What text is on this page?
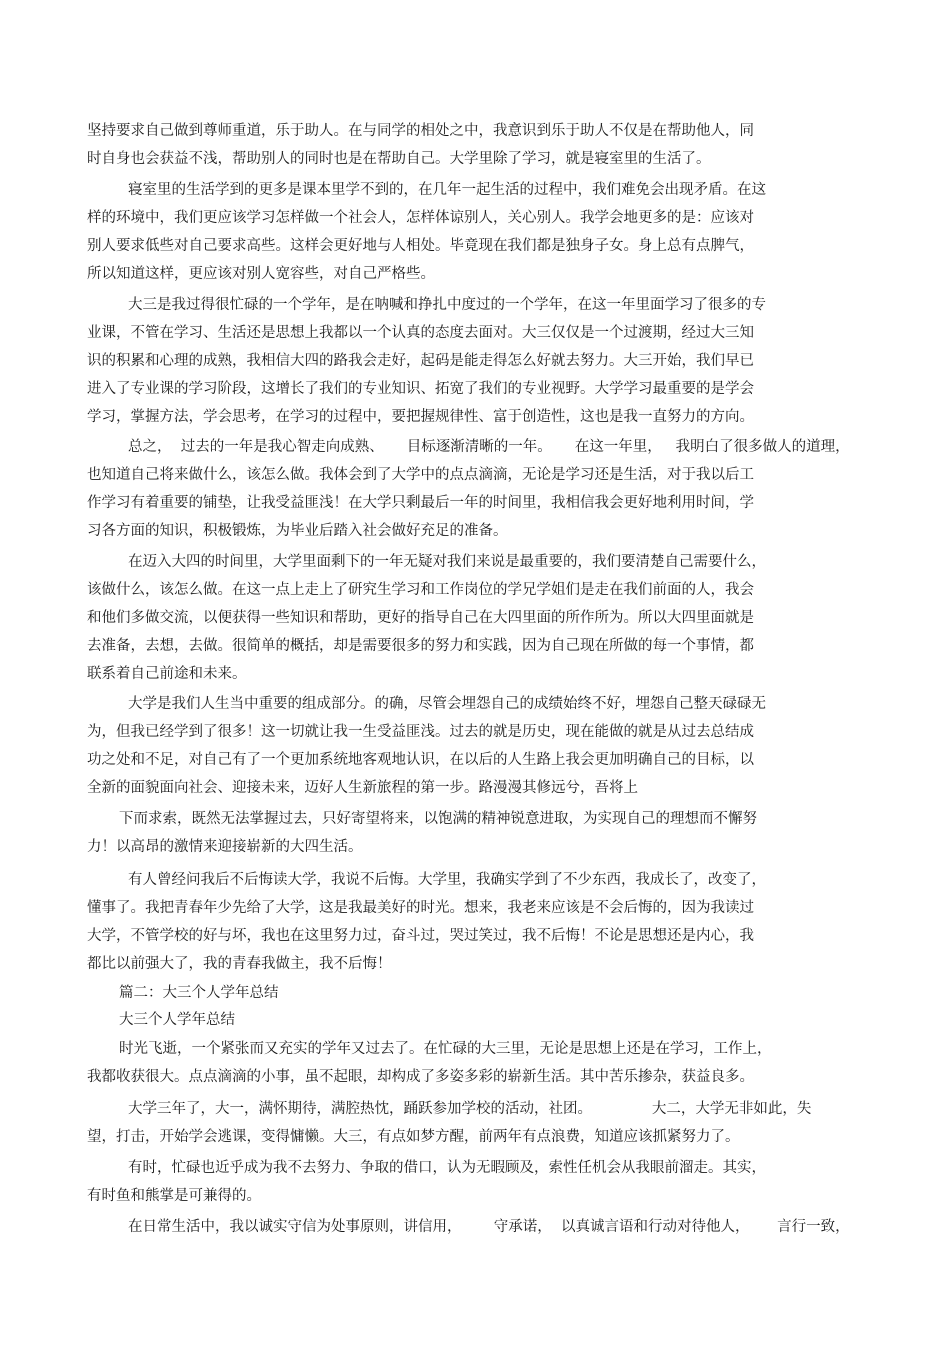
坚持要求自己做到尊师重道，乐于助人。在与同学的相处之中，我意识到乐于助人不仅是在帮助他人，同
时自身也会获益不浅，帮助别人的同时也是在帮助自己。大学里除了学习，就是寝室里的生活了。
寝室里的生活学到的更多是课本里学不到的，在几年一起生活的过程中，我们难免会出现矛盾。在这
样的环境中，我们更应该学习怎样做一个社会人，怎样体谅别人，关心别人。我学会地更多的是：应该对
别人要求低些对自己要求高些。这样会更好地与人相处。毕竟现在我们都是独身子女。身上总有点脾气，
所以知道这样，更应该对别人宽容些，对自己严格些。
大三是我过得很忙碌的一个学年，是在呐喊和挣扎中度过的一个学年，在这一年里面学习了很多的专
业课，不管在学习、生活还是思想上我都以一个认真的态度去面对。大三仅仅是一个过渡期，经过大三知
识的积累和心理的成熟，我相信大四的路我会走好，起码是能走得怎么好就去努力。大三开始，我们早已
进入了专业课的学习阶段，这增长了我们的专业知识、拓宽了我们的专业视野。大学学习最重要的是学会
学习，掌握方法，学会思考，在学习的过程中，要把握规律性、富于创造性，这也是我一直努力的方向。
总之，  过去的一年是我心智走向成熟、     目标逐渐清晰的一年。     在这一年里，   我明白了很多做人的道理，
也知道自己将来做什么，该怎么做。我体会到了大学中的点点滴滴，无论是学习还是生活，对于我以后工
作学习有着重要的铺垫，让我受益匪浅！在大学只剩最后一年的时间里，我相信我会更好地利用时间，学
习各方面的知识，积极锻炼，为毕业后踏入社会做好充足的准备。
在迈入大四的时间里，大学里面剩下的一年无疑对我们来说是最重要的，我们要清楚自己需要什么，
该做什么，该怎么做。在这一点上走上了研究生学习和工作岗位的学兄学姐们是走在我们前面的人，我会
和他们多做交流，以便获得一些知识和帮助，更好的指导自己在大四里面的所作所为。所以大四里面就是
去准备，去想，去做。很简单的概括，却是需要很多的努力和实践，因为自己现在所做的每一个事情，都
联系着自己前途和未来。
大学是我们人生当中重要的组成部分。的确，尽管会埋怨自己的成绩始终不好，埋怨自己整天碌碌无
为，但我已经学到了很多！这一切就让我一生受益匪浅。过去的就是历史，现在能做的就是从过去总结成
功之处和不足，对自己有了一个更加系统地客观地认识，在以后的人生路上我会更加明确自己的目标，以
全新的面貌面向社会、迎接未来，迈好人生新旅程的第一步。路漫漫其修远兮，吾将上
下而求索，既然无法掌握过去，只好寄望将来，以饱满的精神锐意进取，为实现自己的理想而不懈努
力！以高昂的激情来迎接崭新的大四生活。
有人曾经问我后不后悔读大学，我说不后悔。大学里，我确实学到了不少东西，我成长了，改变了，
懂事了。我把青春年少先给了大学，这是我最美好的时光。想来，我老来应该是不会后悔的，因为我读过
大学，不管学校的好与坏，我也在这里努力过，奋斗过，哭过笑过，我不后悔！不论是思想还是内心，我
都比以前强大了，我的青春我做主，我不后悔！
篇二：大三个人学年总结
大三个人学年总结
时光飞逝，一个紧张而又充实的学年又过去了。在忙碌的大三里，无论是思想上还是在学习，工作上，
我都收获很大。点点滴滴的小事，虽不起眼，却构成了多姿多彩的崭新生活。其中苦乐掺杂，获益良多。
大学三年了，大一，满怀期待，满腔热忱，踊跃参加学校的活动，社团。             大二，大学无非如此，失
望，打击，开始学会逃课，变得慵懒。大三，有点如梦方醒，前两年有点浪费，知道应该抓紧努力了。
有时，忙碌也近乎成为我不去努力、争取的借口，认为无暇顾及，索性任机会从我眼前溜走。其实，
有时鱼和熊掌是可兼得的。
在日常生活中，我以诚实守信为处事原则，讲信用，       守承诺，  以真诚言语和行动对待他人，      言行一致，
